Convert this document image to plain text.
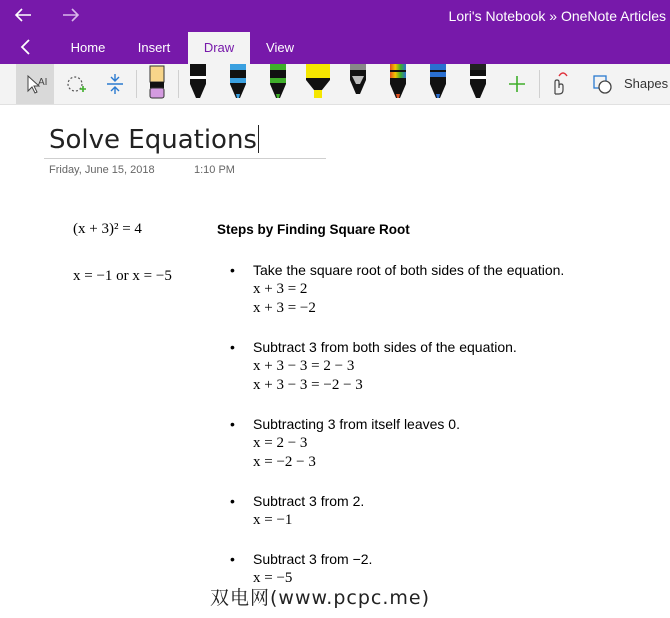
Lori's Notebook » OneNote Articles
Home	Insert	Draw	View
AI	Shapes
Solve Equations
Friday, June 15, 2018	1:10 PM
(x + 3)² = 4
x = −1 or x = −5
Steps by Finding Square Root
• Take the square root of both sides of the equation.
x + 3 = 2
x + 3 = −2
• Subtract 3 from both sides of the equation.
x + 3 − 3 = 2 − 3
x + 3 − 3 = −2 − 3
• Subtracting 3 from itself leaves 0.
x = 2 − 3
x = −2 − 3
• Subtract 3 from 2.
x = −1
• Subtract 3 from −2.
x = −5
双电网(www.pcpc.me)
